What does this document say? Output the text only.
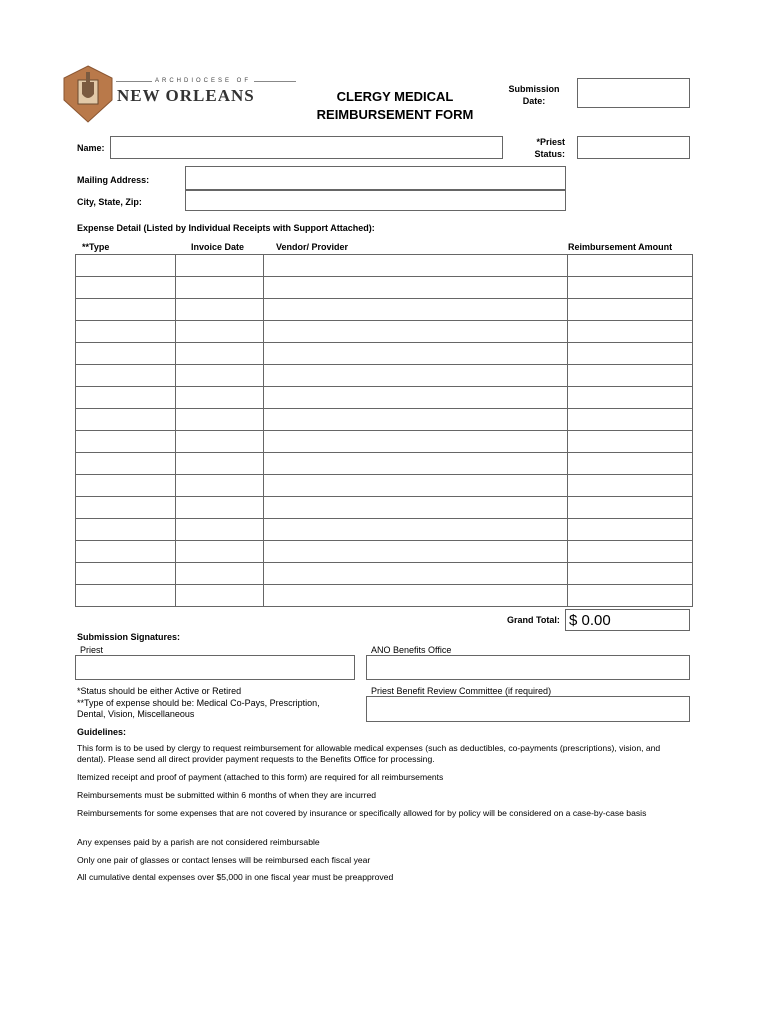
ARCHDIOCESE OF
NEW ORLEANS	CLERGY MEDICAL
REIMBURSEMENT FORM
Submission
Date:
*Priest
Status:
Name:
Mailing Address:
City, State, Zip:
Expense Detail (Listed by Individual Receipts with Support Attached):
**Type	Invoice Date	Vendor/ Provider	Reimbursement Amount

Grand Total: $ 0.00
Submission Signatures:
Priest	ANO Benefits Office
Priest Benefit Review Committee (if required)
*Status should be either Active or Retired
**Type of expense should be: Medical Co-Pays, Prescription,
Dental, Vision, Miscellaneous
Guidelines:
This form is to be used by clergy to request reimbursement for allowable medical expenses (such as deductibles, co-payments (prescriptions), vision, and dental). Please send all direct provider payment requests to the Benefits Office for processing.
Itemized receipt and proof of payment (attached to this form) are required for all reimbursements
Reimbursements must be submitted within 6 months of when they are incurred
Reimbursements for some expenses that are not covered by insurance or specifically allowed for by policy will be considered on a case-by-case basis
Any expenses paid by a parish are not considered reimbursable
Only one pair of glasses or contact lenses will be reimbursed each fiscal year
All cumulative dental expenses over $5,000 in one fiscal year must be preapproved
